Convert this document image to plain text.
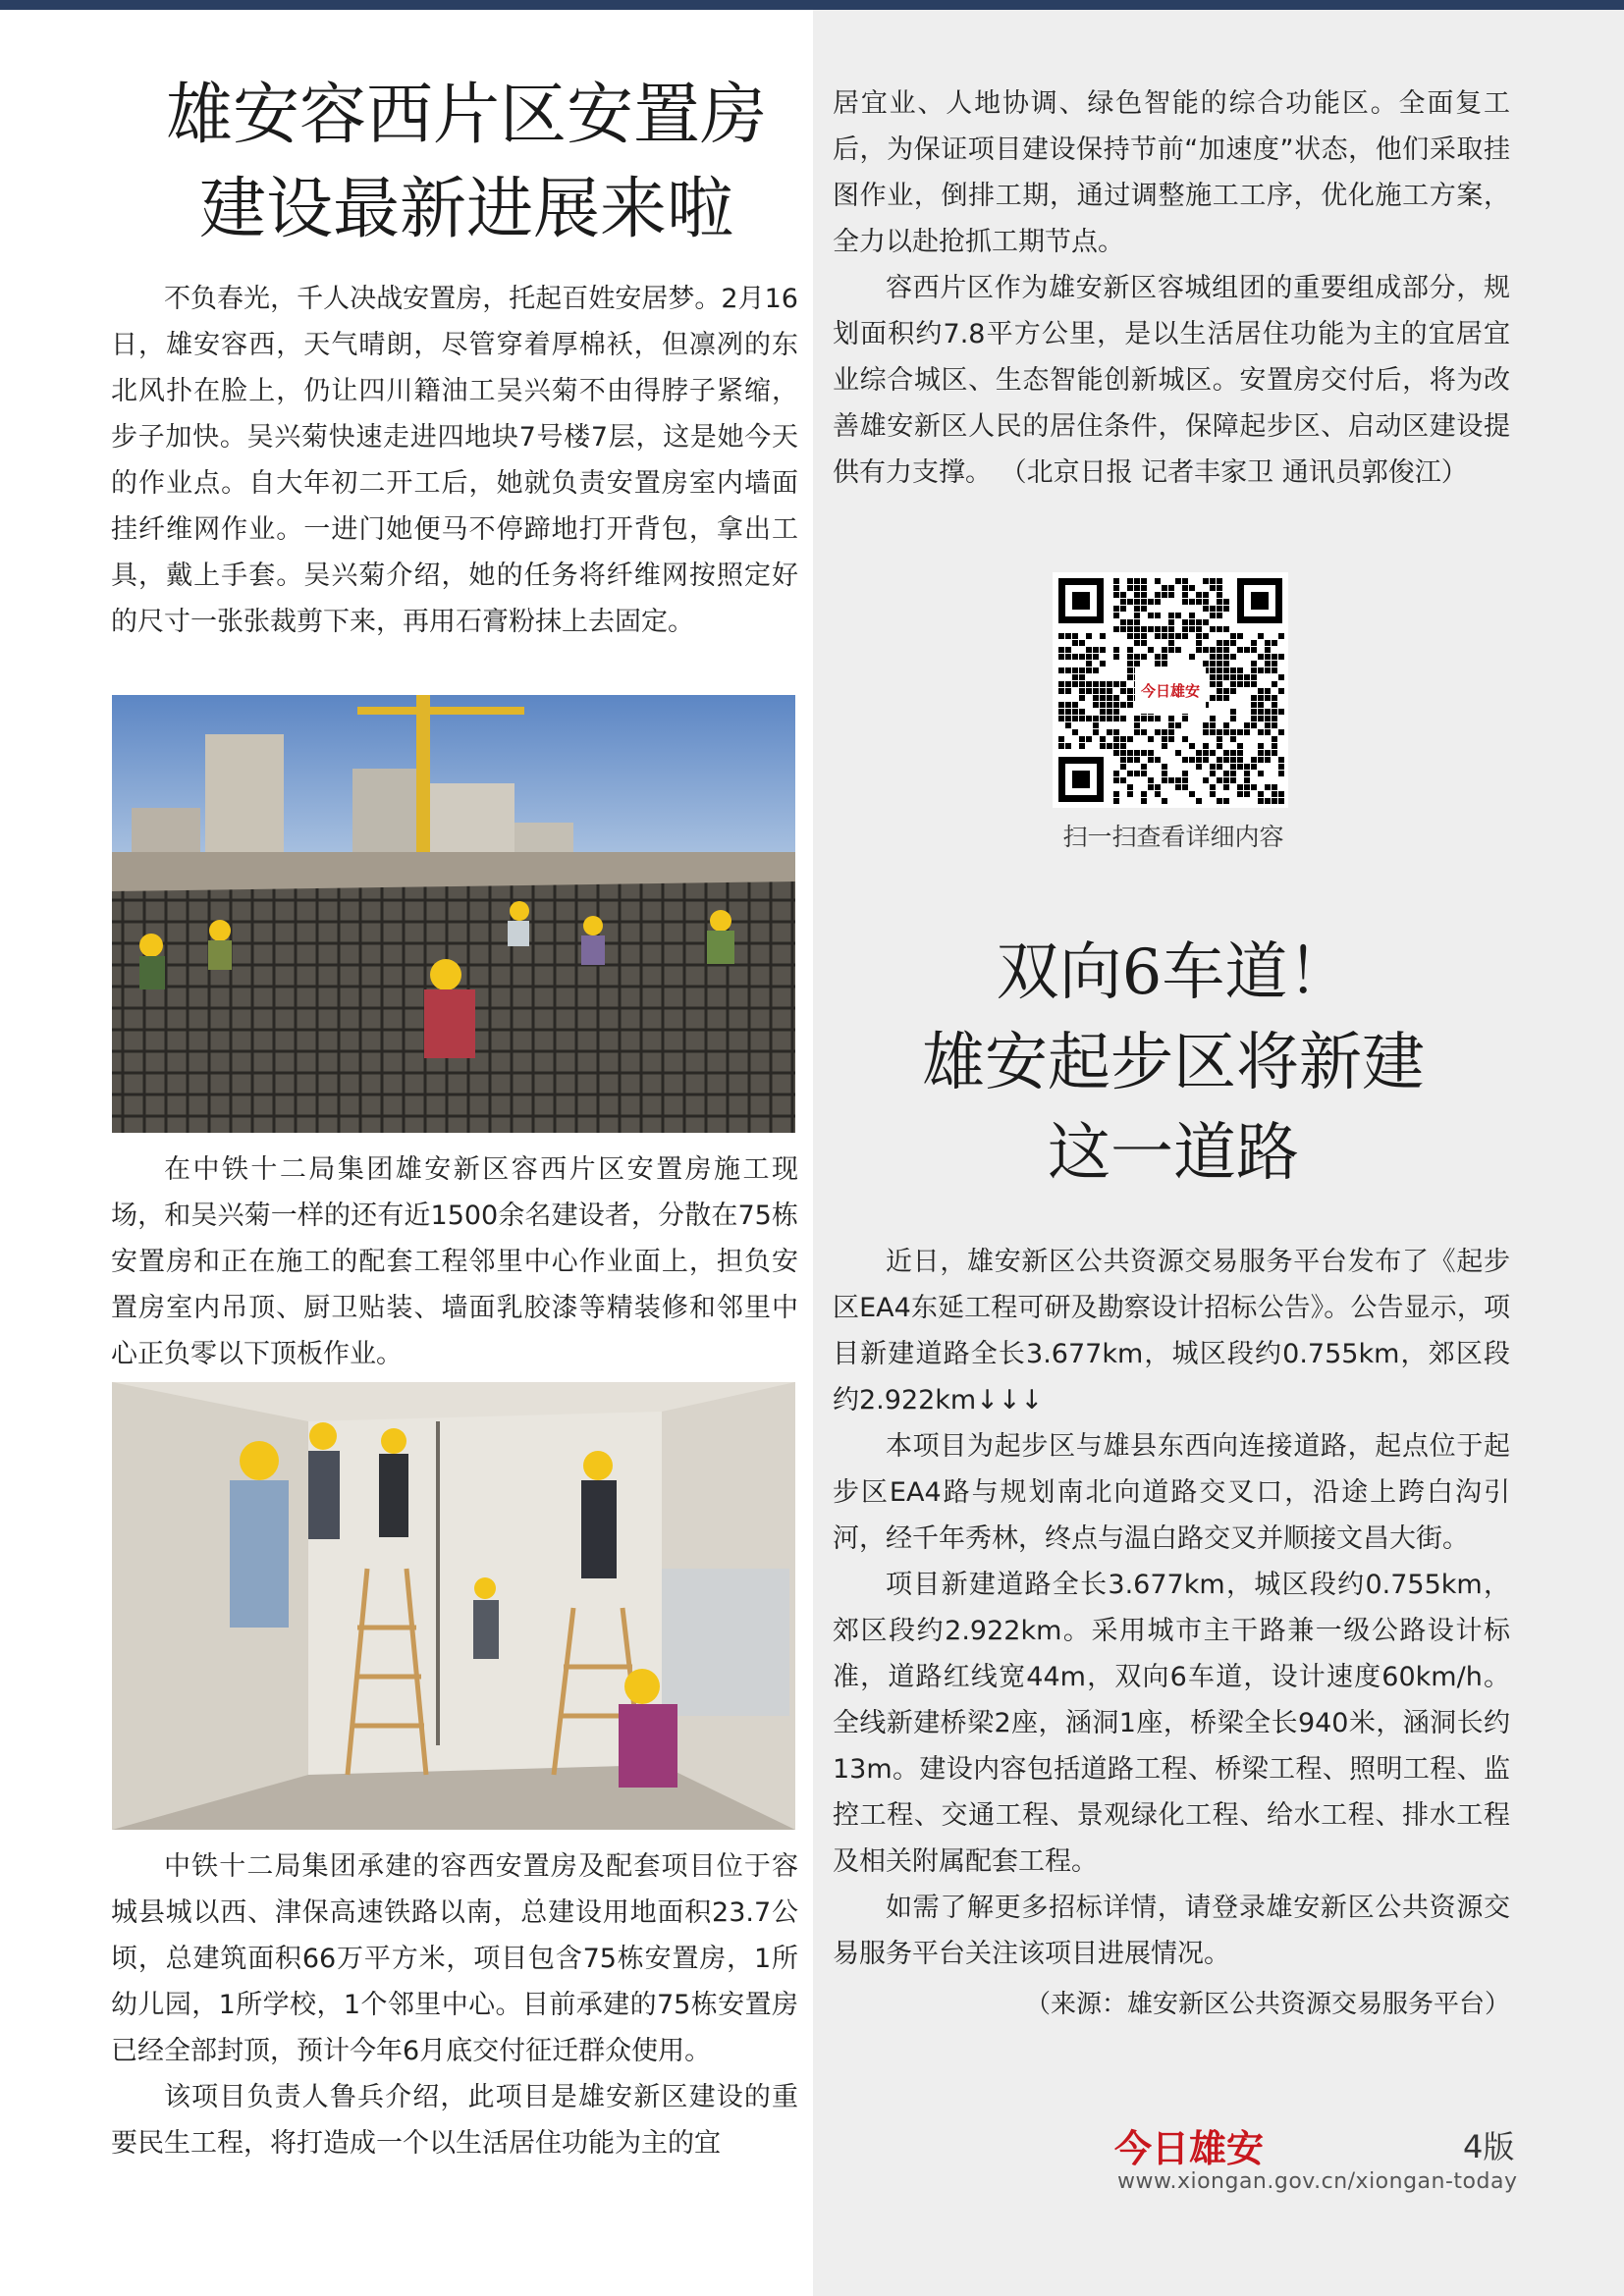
雄安容西片区安置房
建设最新进展来啦

不负春光，千人决战安置房，托起百姓安居梦。2月16日，雄安容西，天气晴朗，尽管穿着厚棉袄，但凛冽的东北风扑在脸上，仍让四川籍油工吴兴菊不由得脖子紧缩，步子加快。吴兴菊快速走进四地块7号楼7层，这是她今天的作业点。自大年初二开工后，她就负责安置房室内墙面挂纤维网作业。一进门她便马不停蹄地打开背包，拿出工具，戴上手套。吴兴菊介绍，她的任务将纤维网按照定好的尺寸一张张裁剪下来，再用石膏粉抹上去固定。

在中铁十二局集团雄安新区容西片区安置房施工现场，和吴兴菊一样的还有近1500余名建设者，分散在75栋安置房和正在施工的配套工程邻里中心作业面上，担负安置房室内吊顶、厨卫贴装、墙面乳胶漆等精装修和邻里中心正负零以下顶板作业。

中铁十二局集团承建的容西安置房及配套项目位于容城县城以西、津保高速铁路以南，总建设用地面积23.7公顷，总建筑面积66万平方米，项目包含75栋安置房，1所幼儿园，1所学校，1个邻里中心。目前承建的75栋安置房已经全部封顶，预计今年6月底交付征迁群众使用。

该项目负责人鲁兵介绍，此项目是雄安新区建设的重要民生工程，将打造成一个以生活居住功能为主的宜

居宜业、人地协调、绿色智能的综合功能区。全面复工后，为保证项目建设保持节前“加速度”状态，他们采取挂图作业，倒排工期，通过调整施工工序，优化施工方案，全力以赴抢抓工期节点。

容西片区作为雄安新区容城组团的重要组成部分，规划面积约7.8平方公里，是以生活居住功能为主的宜居宜业综合城区、生态智能创新城区。安置房交付后，将为改善雄安新区人民的居住条件，保障起步区、启动区建设提供有力支撑。 （北京日报 记者丰家卫 通讯员郭俊江）

今日雄安
扫一扫查看详细内容
双向6车道！
雄安起步区将新建
这一道路

近日，雄安新区公共资源交易服务平台发布了《起步区EA4东延工程可研及勘察设计招标公告》。公告显示，项目新建道路全长3.677km，城区段约0.755km，郊区段约2.922km↓↓↓

本项目为起步区与雄县东西向连接道路，起点位于起步区EA4路与规划南北向道路交叉口，沿途上跨白沟引河，经千年秀林，终点与温白路交叉并顺接文昌大街。

项目新建道路全长3.677km，城区段约0.755km，郊区段约2.922km。采用城市主干路兼一级公路设计标准，道路红线宽44m，双向6车道，设计速度60km/h。全线新建桥梁2座，涵洞1座，桥梁全长940米，涵洞长约13m。建设内容包括道路工程、桥梁工程、照明工程、监控工程、交通工程、景观绿化工程、给水工程、排水工程及相关附属配套工程。

如需了解更多招标详情，请登录雄安新区公共资源交易服务平台关注该项目进展情况。

（来源：雄安新区公共资源交易服务平台）

今日雄安	4版
www.xiongan.gov.cn/xiongan-today
